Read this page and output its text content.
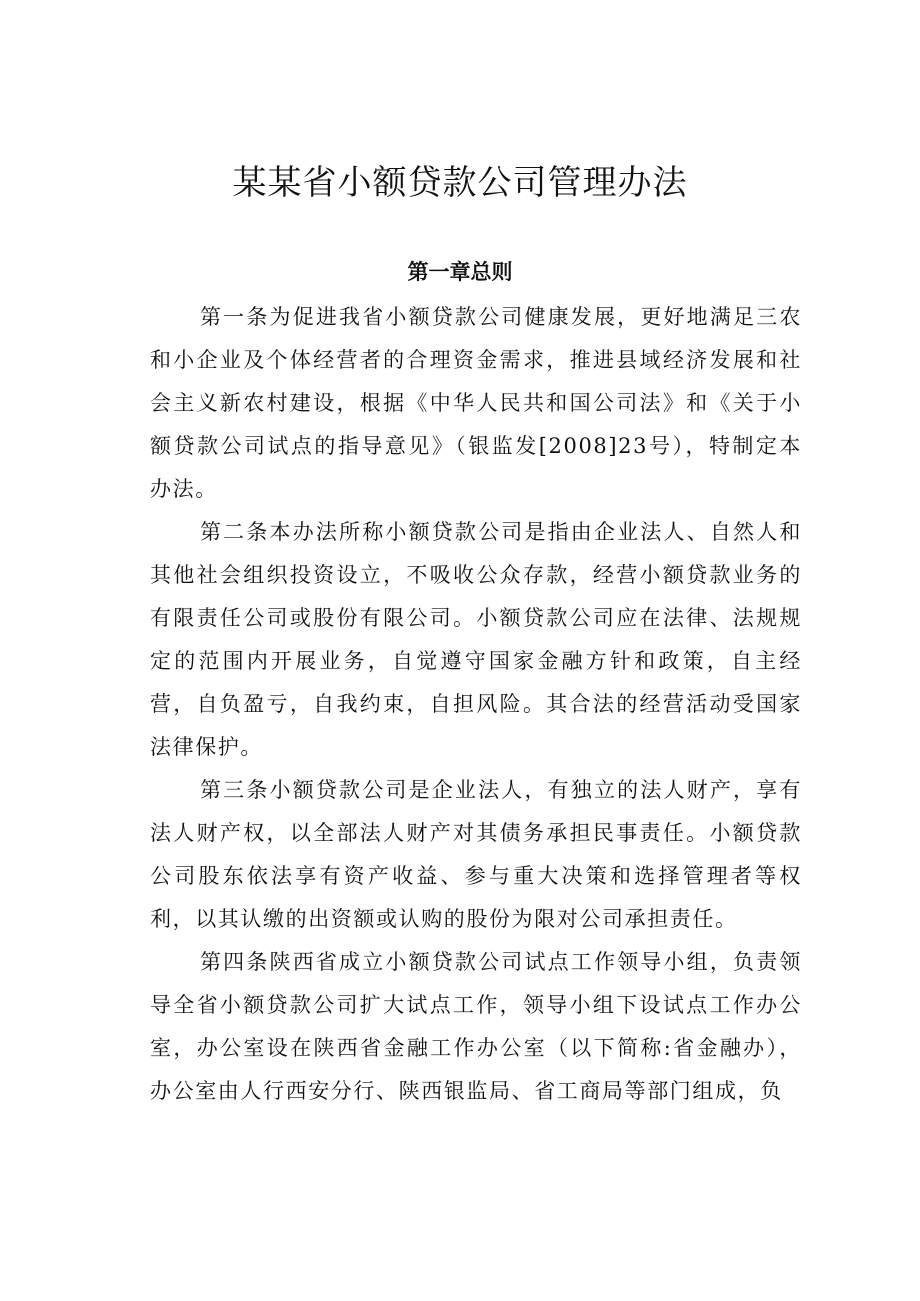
某某省小额贷款公司管理办法
第一章总则

第一条为促进我省小额贷款公司健康发展，更好地满足三农和小企业及个体经营者的合理资金需求，推进县域经济发展和社会主义新农村建设，根据《中华人民共和国公司法》和《关于小额贷款公司试点的指导意见》（银监发[2008]23号），特制定本办法。

第二条本办法所称小额贷款公司是指由企业法人、自然人和其他社会组织投资设立，不吸收公众存款，经营小额贷款业务的有限责任公司或股份有限公司。小额贷款公司应在法律、法规规定的范围内开展业务，自觉遵守国家金融方针和政策，自主经营，自负盈亏，自我约束，自担风险。其合法的经营活动受国家法律保护。

第三条小额贷款公司是企业法人，有独立的法人财产，享有法人财产权，以全部法人财产对其债务承担民事责任。小额贷款公司股东依法享有资产收益、参与重大决策和选择管理者等权利，以其认缴的出资额或认购的股份为限对公司承担责任。

第四条陕西省成立小额贷款公司试点工作领导小组，负责领导全省小额贷款公司扩大试点工作，领导小组下设试点工作办公室，办公室设在陕西省金融工作办公室（以下简称:省金融办），办公室由人行西安分行、陕西银监局、省工商局等部门组成，负
